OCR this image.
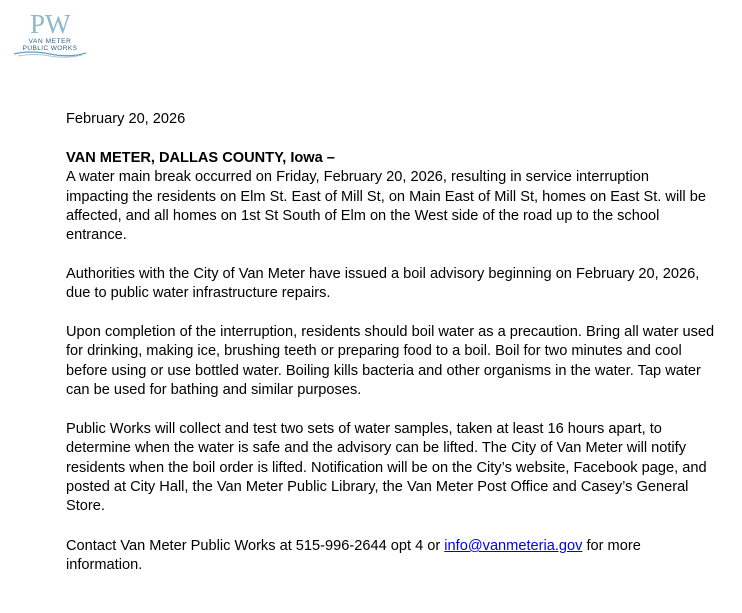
PW
VAN METER
PUBLIC WORKS
February 20, 2026
VAN METER, DALLAS COUNTY, Iowa –
A water main break occurred on Friday, February 20, 2026, resulting in service interruption impacting the residents on Elm St. East of Mill St, on Main East of Mill St, homes on East St. will be affected, and all homes on 1st St South of Elm on the West side of the road up to the school entrance.
Authorities with the City of Van Meter have issued a boil advisory beginning on February 20, 2026, due to public water infrastructure repairs.
Upon completion of the interruption, residents should boil water as a precaution. Bring all water used for drinking, making ice, brushing teeth or preparing food to a boil. Boil for two minutes and cool before using or use bottled water. Boiling kills bacteria and other organisms in the water. Tap water can be used for bathing and similar purposes.
Public Works will collect and test two sets of water samples, taken at least 16 hours apart, to determine when the water is safe and the advisory can be lifted. The City of Van Meter will notify residents when the boil order is lifted. Notification will be on the City’s website, Facebook page, and posted at City Hall, the Van Meter Public Library, the Van Meter Post Office and Casey’s General Store.
Contact Van Meter Public Works at 515-996-2644 opt 4 or info@vanmeteria.gov for more information.
